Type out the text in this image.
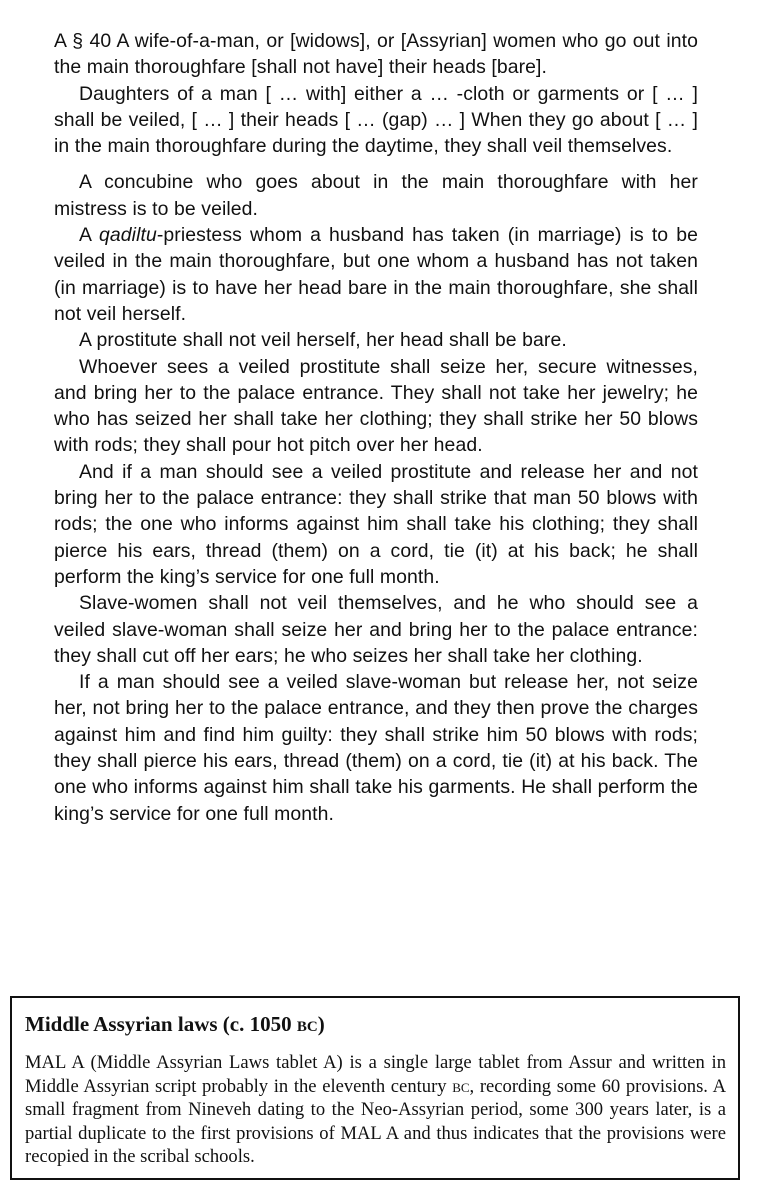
A § 40 A wife-of-a-man, or [widows], or [Assyrian] women who go out into the main thoroughfare [shall not have] their heads [bare].

Daughters of a man [ … with] either a … -cloth or garments or [ … ] shall be veiled, [ … ] their heads [ … (gap) … ] When they go about [ … ] in the main thoroughfare during the daytime, they shall veil themselves.

A concubine who goes about in the main thoroughfare with her mistress is to be veiled.

A qadiltu-priestess whom a husband has taken (in marriage) is to be veiled in the main thoroughfare, but one whom a husband has not taken (in marriage) is to have her head bare in the main thoroughfare, she shall not veil herself.

A prostitute shall not veil herself, her head shall be bare.

Whoever sees a veiled prostitute shall seize her, secure witnesses, and bring her to the palace entrance. They shall not take her jewelry; he who has seized her shall take her clothing; they shall strike her 50 blows with rods; they shall pour hot pitch over her head.

And if a man should see a veiled prostitute and release her and not bring her to the palace entrance: they shall strike that man 50 blows with rods; the one who informs against him shall take his clothing; they shall pierce his ears, thread (them) on a cord, tie (it) at his back; he shall perform the king’s service for one full month.

Slave-women shall not veil themselves, and he who should see a veiled slave-woman shall seize her and bring her to the palace entrance: they shall cut off her ears; he who seizes her shall take her clothing.

If a man should see a veiled slave-woman but release her, not seize her, not bring her to the palace entrance, and they then prove the charges against him and find him guilty: they shall strike him 50 blows with rods; they shall pierce his ears, thread (them) on a cord, tie (it) at his back. The one who informs against him shall take his garments. He shall perform the king’s service for one full month.

Middle Assyrian laws (c. 1050 bc)

MAL A (Middle Assyrian Laws tablet A) is a single large tablet from Assur and written in Middle Assyrian script probably in the eleventh century bc, recording some 60 provisions. A small fragment from Nineveh dating to the Neo-Assyrian period, some 300 years later, is a partial duplicate to the first provisions of MAL A and thus indicates that the provisions were recopied in the scribal schools.
